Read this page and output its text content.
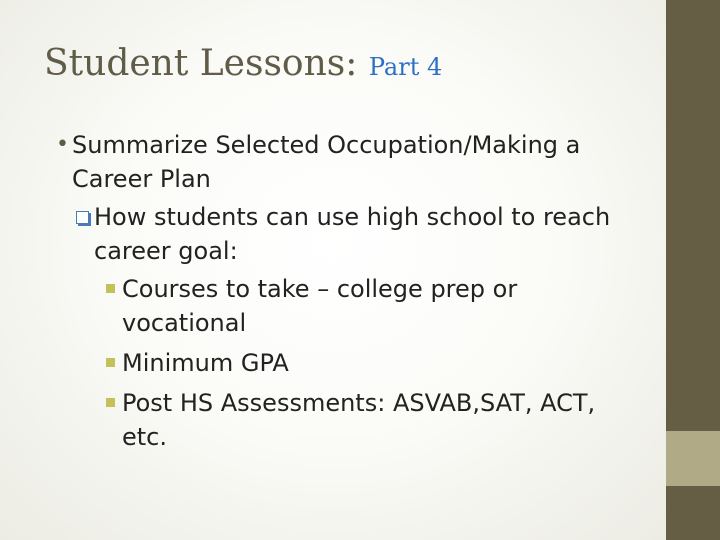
Student Lessons: Part 4
• Summarize Selected Occupation/Making a Career Plan
How students can use high school to reach career goal:
Courses to take – college prep or vocational
Minimum GPA
Post HS Assessments: ASVAB,SAT, ACT, etc.
